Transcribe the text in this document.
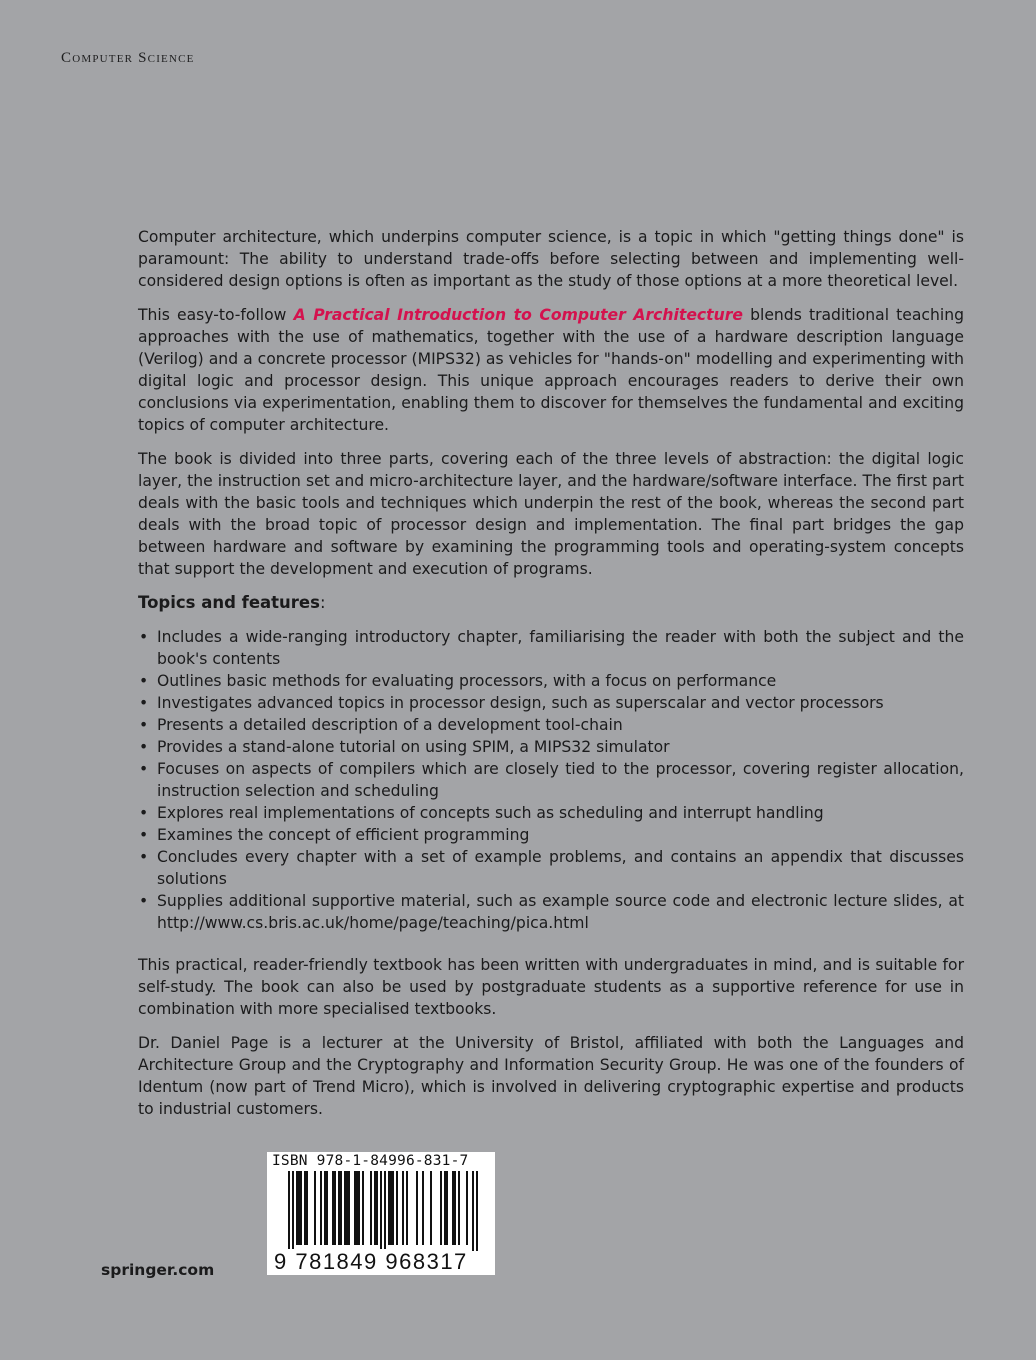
Computer Science

Computer architecture, which underpins computer science, is a topic in which "getting things done" is paramount: The ability to understand trade-offs before selecting between and implementing well-considered design options is often as important as the study of those options at a more theoretical level.

This easy-to-follow A Practical Introduction to Computer Architecture blends traditional teaching approaches with the use of mathematics, together with the use of a hardware description language (Verilog) and a concrete processor (MIPS32) as vehicles for "hands-on" modelling and experimenting with digital logic and processor design. This unique approach encourages readers to derive their own conclusions via experimentation, enabling them to discover for themselves the fundamental and exciting topics of computer architecture.

The book is divided into three parts, covering each of the three levels of abstraction: the digital logic layer, the instruction set and micro-architecture layer, and the hardware/software interface. The first part deals with the basic tools and techniques which underpin the rest of the book, whereas the second part deals with the broad topic of processor design and implementation. The final part bridges the gap between hardware and software by examining the programming tools and operating-system concepts that support the development and execution of programs.

Topics and features:

• Includes a wide-ranging introductory chapter, familiarising the reader with both the subject and the book's contents
• Outlines basic methods for evaluating processors, with a focus on performance
• Investigates advanced topics in processor design, such as superscalar and vector processors
• Presents a detailed description of a development tool-chain
• Provides a stand-alone tutorial on using SPIM, a MIPS32 simulator
• Focuses on aspects of compilers which are closely tied to the processor, covering register allocation, instruction selection and scheduling
• Explores real implementations of concepts such as scheduling and interrupt handling
• Examines the concept of efficient programming
• Concludes every chapter with a set of example problems, and contains an appendix that discusses solutions
• Supplies additional supportive material, such as example source code and electronic lecture slides, at http://www.cs.bris.ac.uk/home/page/teaching/pica.html

This practical, reader-friendly textbook has been written with undergraduates in mind, and is suitable for self-study. The book can also be used by postgraduate students as a supportive reference for use in combination with more specialised textbooks.

Dr. Daniel Page is a lecturer at the University of Bristol, affiliated with both the Languages and Architecture Group and the Cryptography and Information Security Group. He was one of the founders of Identum (now part of Trend Micro), which is involved in delivering cryptographic expertise and products to industrial customers.

springer.com
ISBN 978-1-84996-831-7
9 781849 968317
